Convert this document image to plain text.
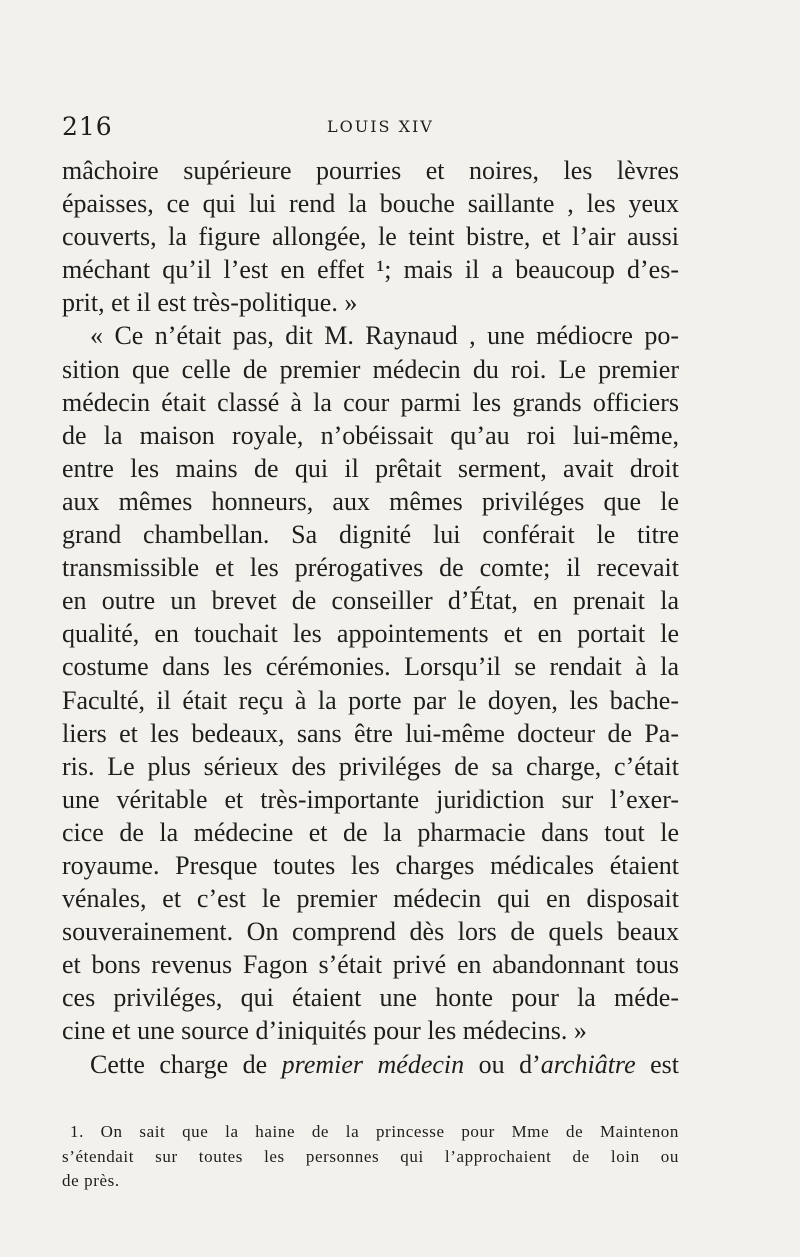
216	LOUIS XIV
mâchoire supérieure pourries et noires, les lèvres
épaisses, ce qui lui rend la bouche saillante , les yeux
couverts, la figure allongée, le teint bistre, et l’air aussi
méchant qu’il l’est en effet ¹; mais il a beaucoup d’es-
prit, et il est très-politique. »
« Ce n’était pas, dit M. Raynaud , une médiocre po-
sition que celle de premier médecin du roi. Le premier
médecin était classé à la cour parmi les grands officiers
de la maison royale, n’obéissait qu’au roi lui-même,
entre les mains de qui il prêtait serment, avait droit
aux mêmes honneurs, aux mêmes priviléges que le
grand chambellan. Sa dignité lui conférait le titre
transmissible et les prérogatives de comte; il recevait
en outre un brevet de conseiller d’État, en prenait la
qualité, en touchait les appointements et en portait le
costume dans les cérémonies. Lorsqu’il se rendait à la
Faculté, il était reçu à la porte par le doyen, les bache-
liers et les bedeaux, sans être lui-même docteur de Pa-
ris. Le plus sérieux des priviléges de sa charge, c’était
une véritable et très-importante juridiction sur l’exer-
cice de la médecine et de la pharmacie dans tout le
royaume. Presque toutes les charges médicales étaient
vénales, et c’est le premier médecin qui en disposait
souverainement. On comprend dès lors de quels beaux
et bons revenus Fagon s’était privé en abandonnant tous
ces priviléges, qui étaient une honte pour la méde-
cine et une source d’iniquités pour les médecins. »
Cette charge de premier médecin ou d’archiâtre est
1. On sait que la haine de la princesse pour Mme de Maintenon
s’étendait sur toutes les personnes qui l’approchaient de loin ou
de près.
